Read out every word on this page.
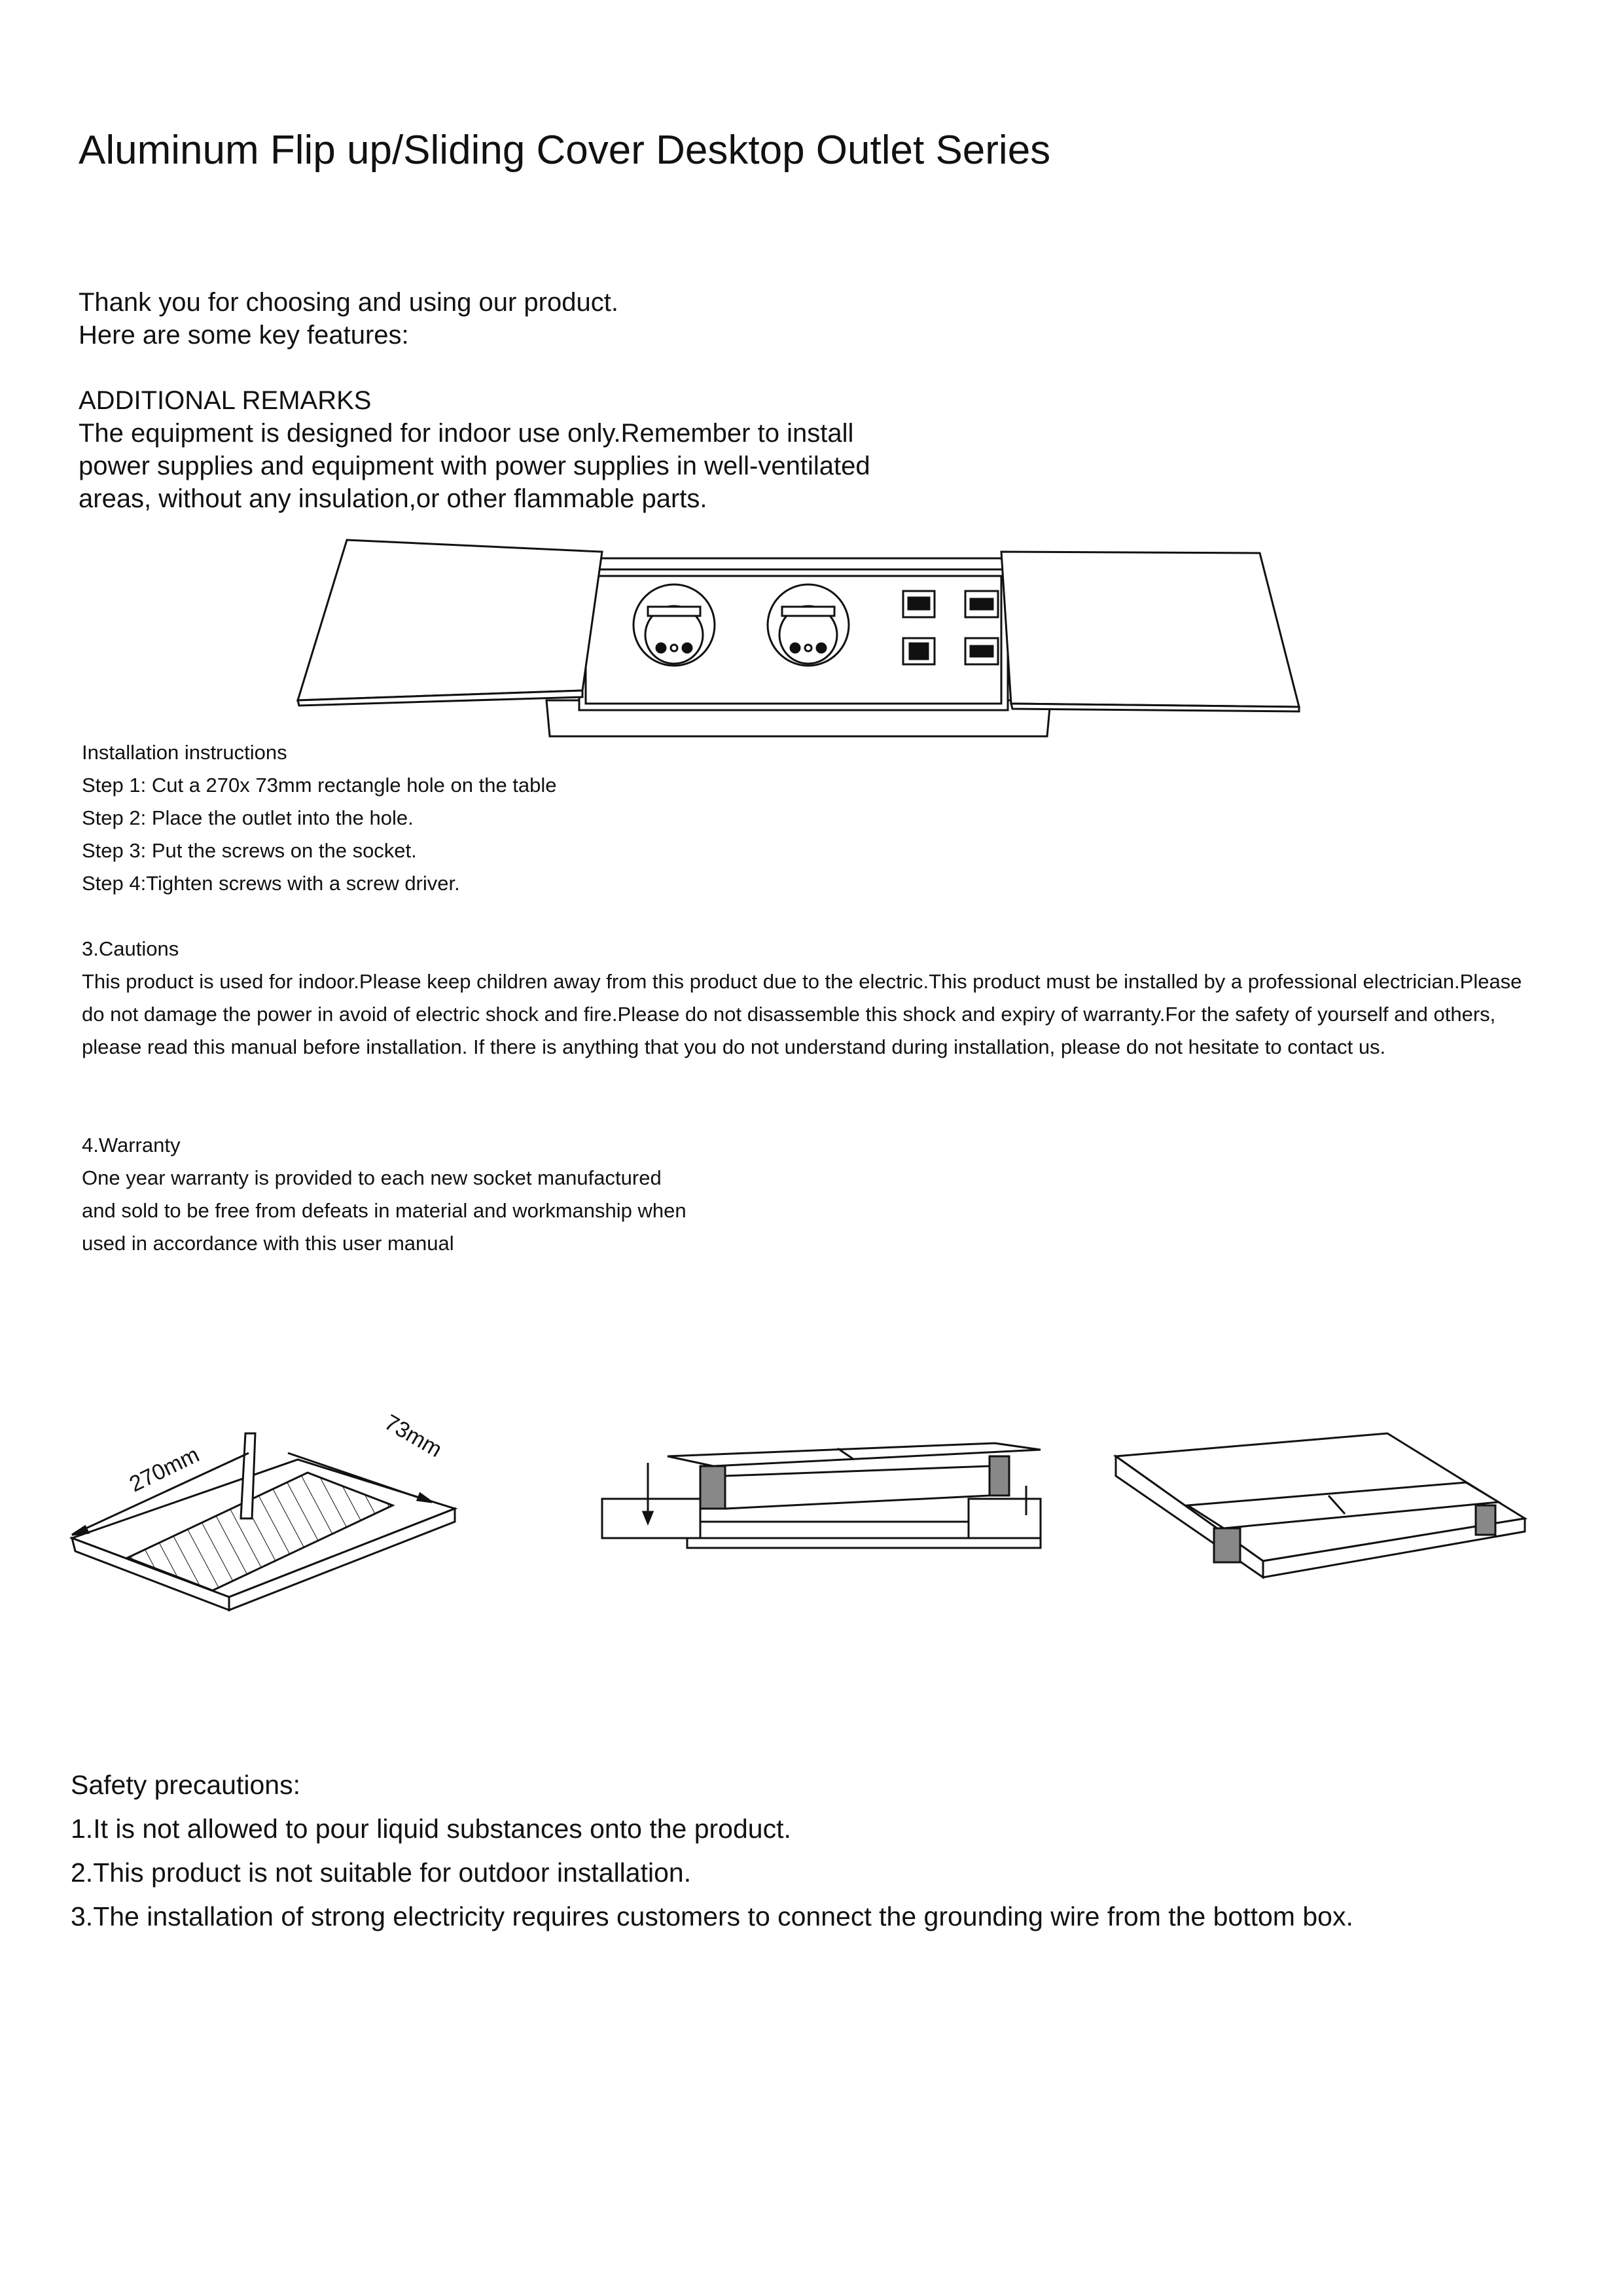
Aluminum Flip up/Sliding Cover Desktop Outlet Series
Thank you for choosing and using our product.
Here are some key features:
ADDITIONAL REMARKS
The equipment is designed for indoor use only.Remember to install
power supplies and equipment with power supplies in well-ventilated
areas, without any insulation,or other flammable parts.
Installation instructions
Step 1: Cut a 270x 73mm rectangle hole on the table
Step 2: Place the outlet into the hole.
Step 3: Put the screws on the socket.
Step 4:Tighten screws with a screw driver.
3.Cautions
This product is used for indoor.Please keep children away from this product due to the electric.This product must be installed by a professional electrician.Please do not damage the power in avoid of electric shock and fire.Please do not disassemble this shock and expiry of warranty.For the safety of yourself and others, please read this manual before installation. If there is anything that you do not understand during installation, please do not hesitate to contact us.
4.Warranty
One year warranty is provided to each new socket manufactured
and sold to be free from defeats in material and workmanship when
used in accordance with this user manual
270mm
73mm
Safety precautions:
1.It is not allowed to pour liquid substances onto the product.
2.This product is not suitable for outdoor installation.
3.The installation of strong electricity requires customers to connect the grounding wire from the bottom box.
